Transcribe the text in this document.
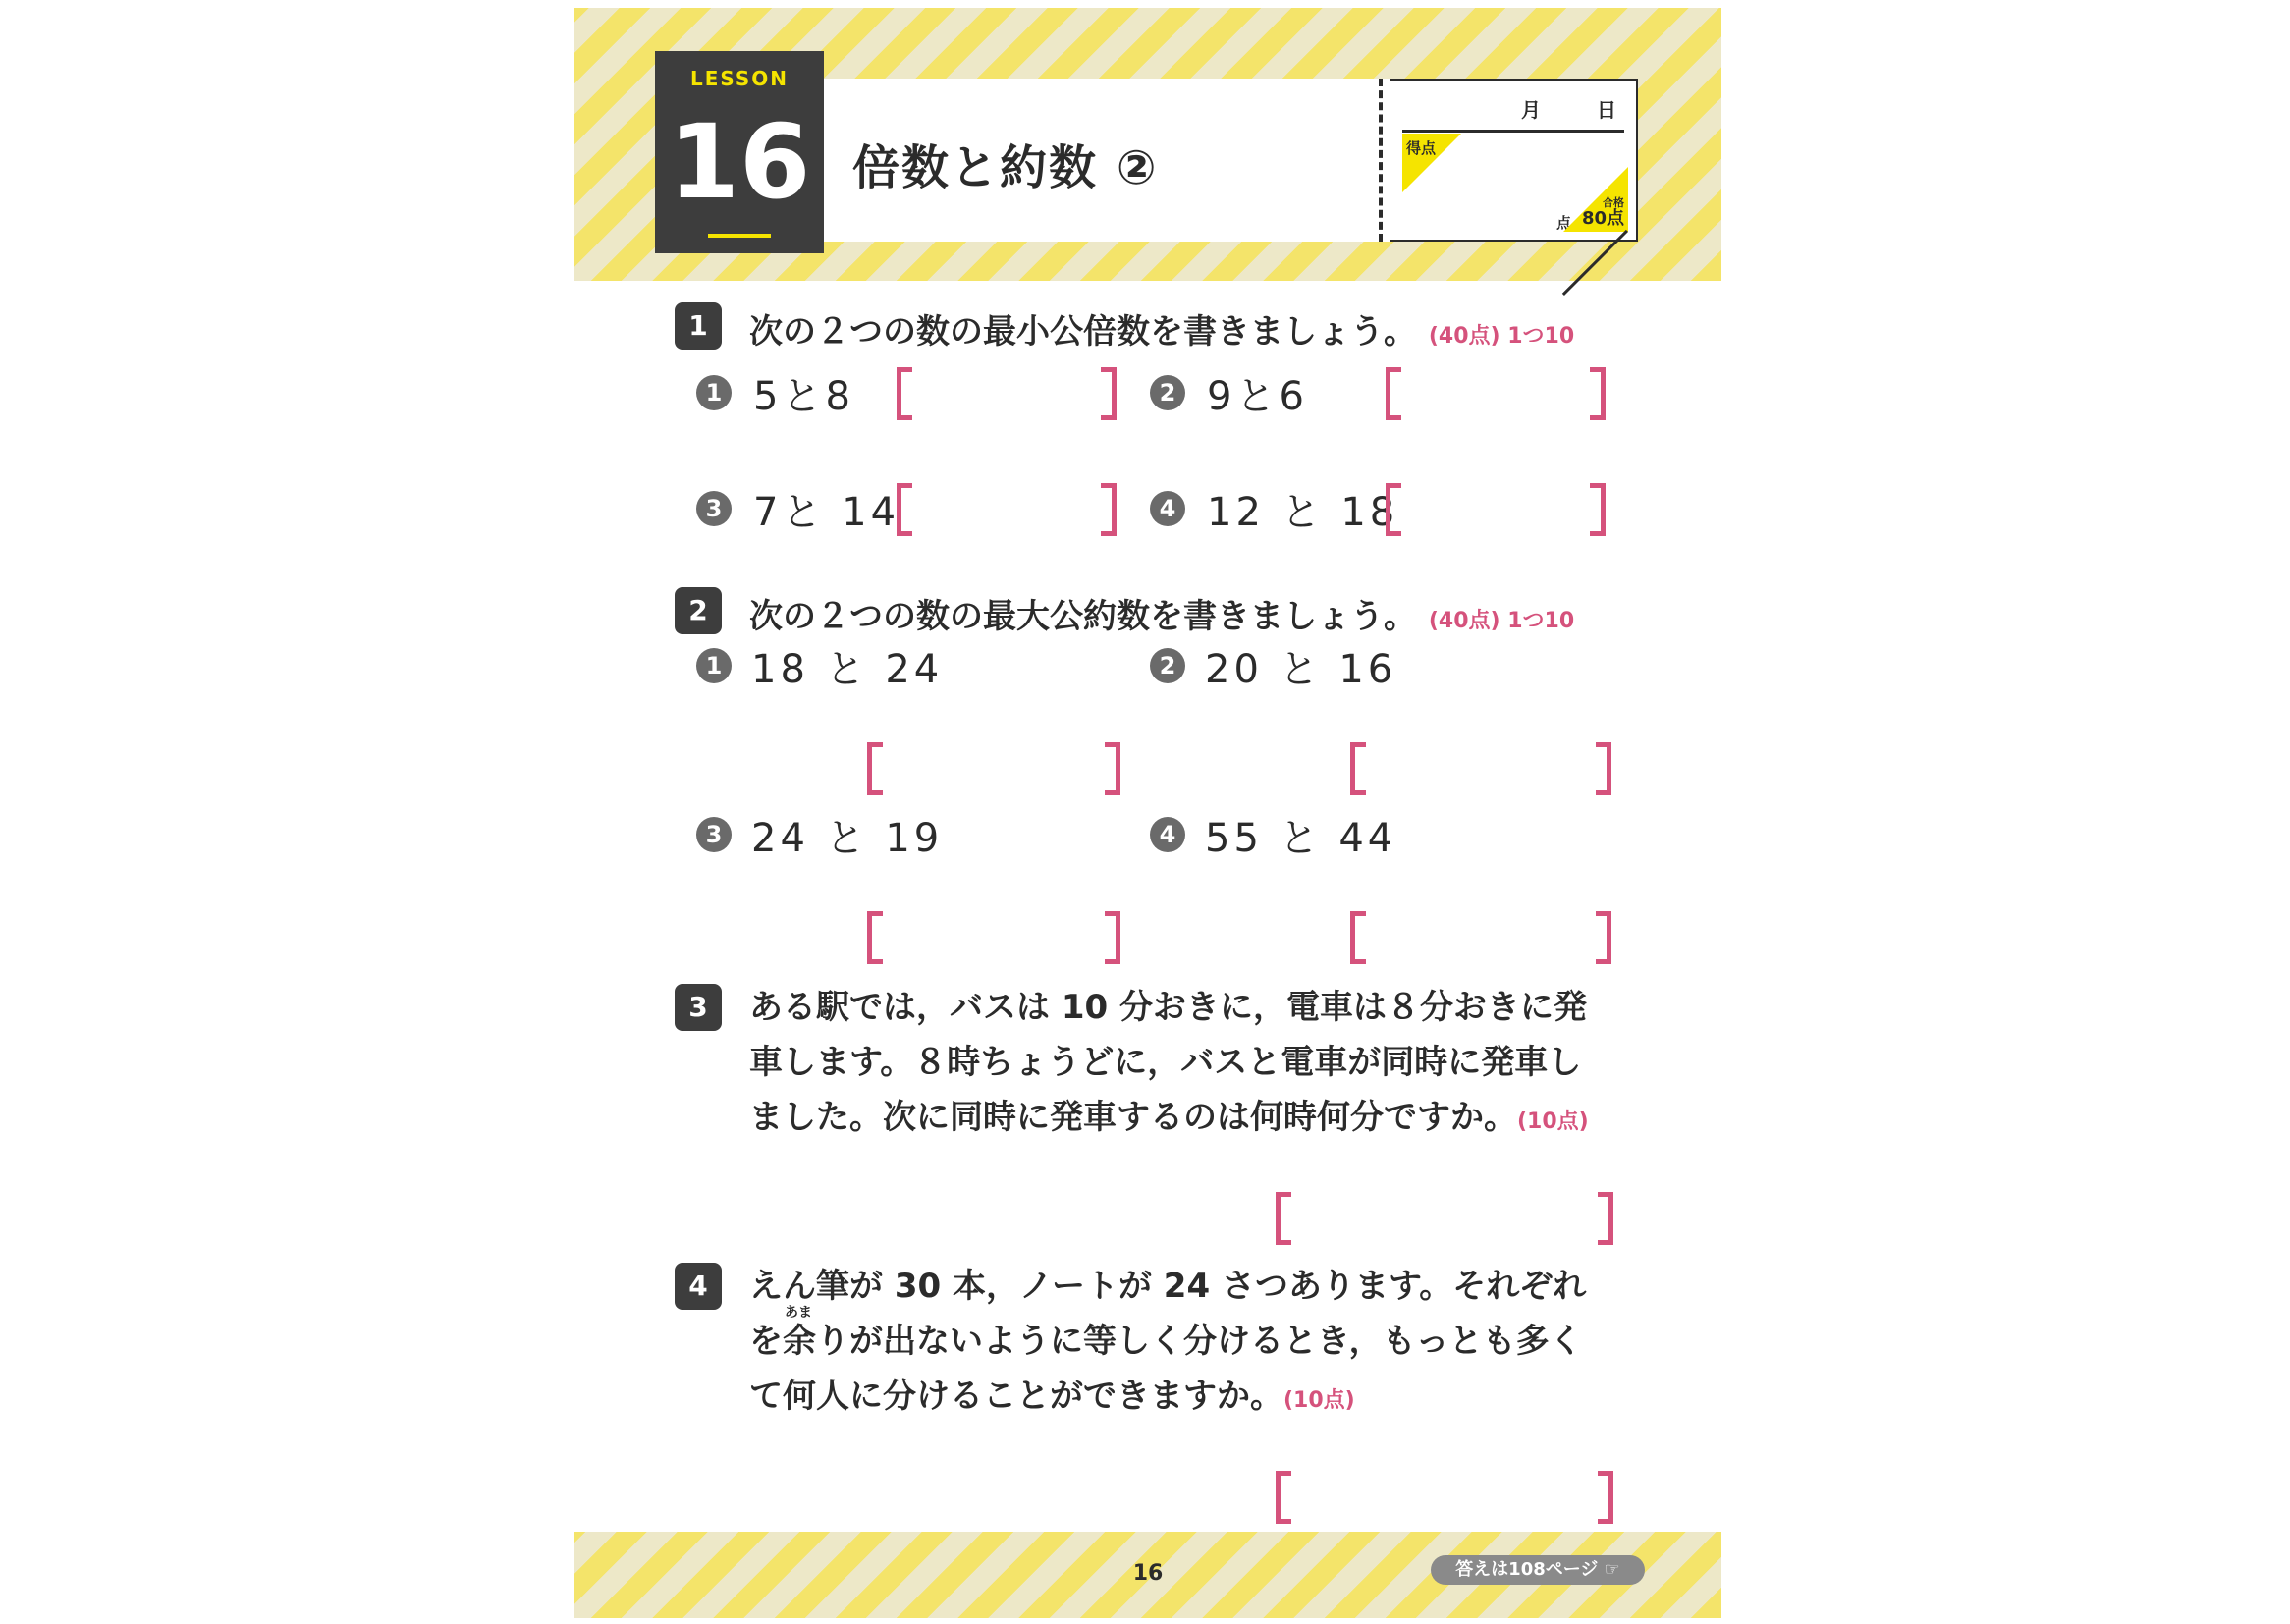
倍数と約数 ②
月	日
得点
点
合格
80点
LESSON
16
1	次の２つの数の最小公倍数を書きましょう。 (40点) 1つ10
1 5と8	2 9と6
3 7と 14	4 12 と 18
2	次の２つの数の最大公約数を書きましょう。 (40点) 1つ10
1 18 と 24	2 20 と 16
3 24 と 19	4 55 と 44
3	ある駅では，バスは 10 分おきに，電車は８分おきに発
車します。８時ちょうどに，バスと電車が同時に発車し
ました。次に同時に発車するのは何時何分ですか。(10点)
4
あま
えん筆が 30 本，ノートが 24 さつあります。それぞれ
を余りが出ないように等しく分けるとき，もっとも多く
て何人に分けることができますか。(10点)
16	答えは108ページ ☞
